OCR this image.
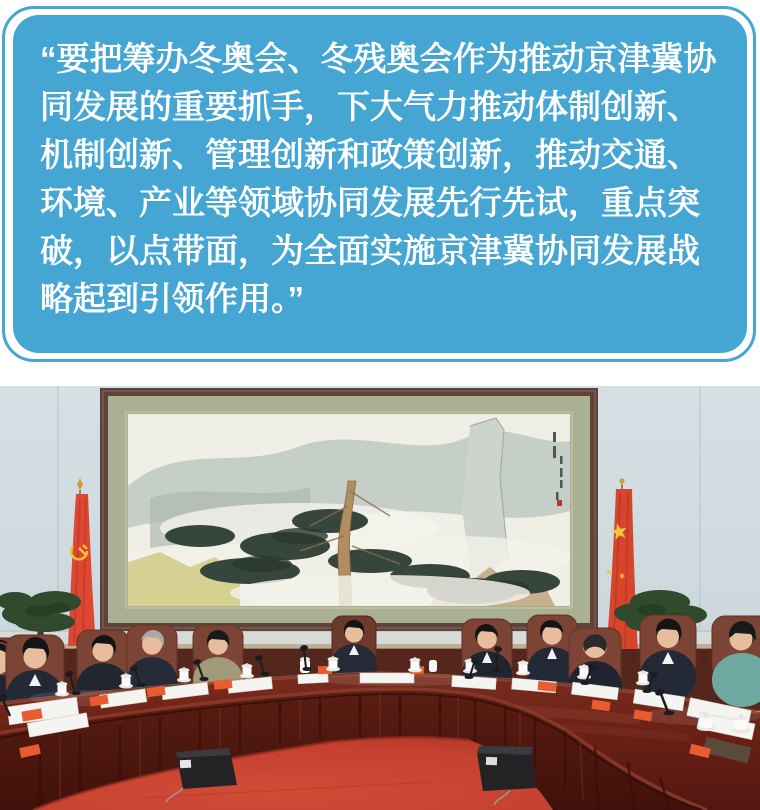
“要把筹办冬奥会、冬残奥会作为推动京津冀协同发展的重要抓手，下大气力推动体制创新、机制创新、管理创新和政策创新，推动交通、环境、产业等领域协同发展先行先试，重点突破，以点带面，为全面实施京津冀协同发展战略起到引领作用。”
